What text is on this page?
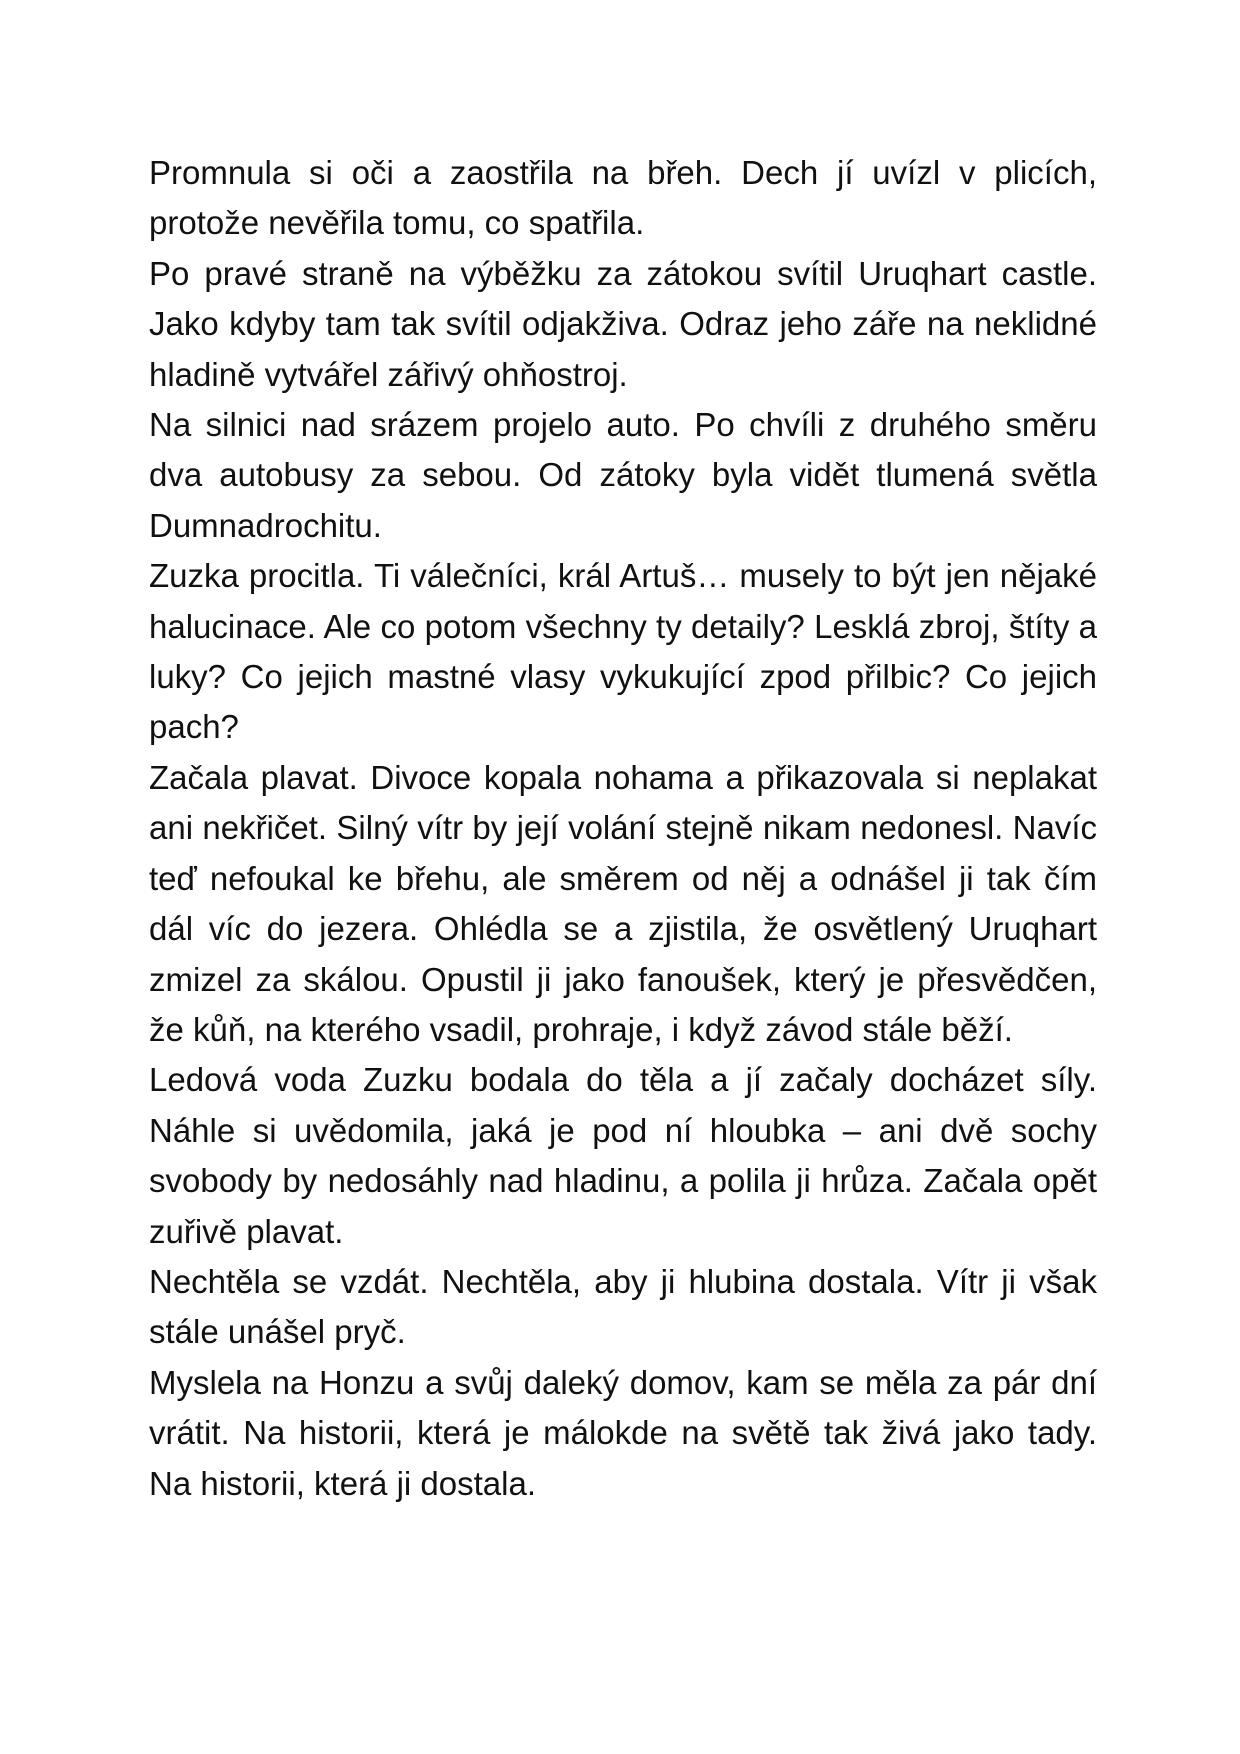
Promnula si oči a zaostřila na břeh. Dech jí uvízl v plicích, protože nevěřila tomu, co spatřila.

Po pravé straně na výběžku za zátokou svítil Uruqhart castle. Jako kdyby tam tak svítil odjakživa. Odraz jeho záře na neklidné hladině vytvářel zářivý ohňostroj.

Na silnici nad srázem projelo auto. Po chvíli z druhého směru dva autobusy za sebou. Od zátoky byla vidět tlumená světla Dumnadrochitu.

Zuzka procitla. Ti válečníci, král Artuš… musely to být jen nějaké halucinace. Ale co potom všechny ty detaily? Lesklá zbroj, štíty a luky? Co jejich mastné vlasy vykukující zpod přilbic? Co jejich pach?

Začala plavat. Divoce kopala nohama a přikazovala si neplakat ani nekřičet. Silný vítr by její volání stejně nikam nedonesl. Navíc teď nefoukal ke břehu, ale směrem od něj a odnášel ji tak čím dál víc do jezera. Ohlédla se a zjistila, že osvětlený Uruqhart zmizel za skálou. Opustil ji jako fanoušek, který je přesvědčen, že kůň, na kterého vsadil, prohraje, i když závod stále běží.

Ledová voda Zuzku bodala do těla a jí začaly docházet síly. Náhle si uvědomila, jaká je pod ní hloubka – ani dvě sochy svobody by nedosáhly nad hladinu, a polila ji hrůza. Začala opět zuřivě plavat.

Nechtěla se vzdát. Nechtěla, aby ji hlubina dostala. Vítr ji však stále unášel pryč.

Myslela na Honzu a svůj daleký domov, kam se měla za pár dní vrátit. Na historii, která je málokde na světě tak živá jako tady. Na historii, která ji dostala.
